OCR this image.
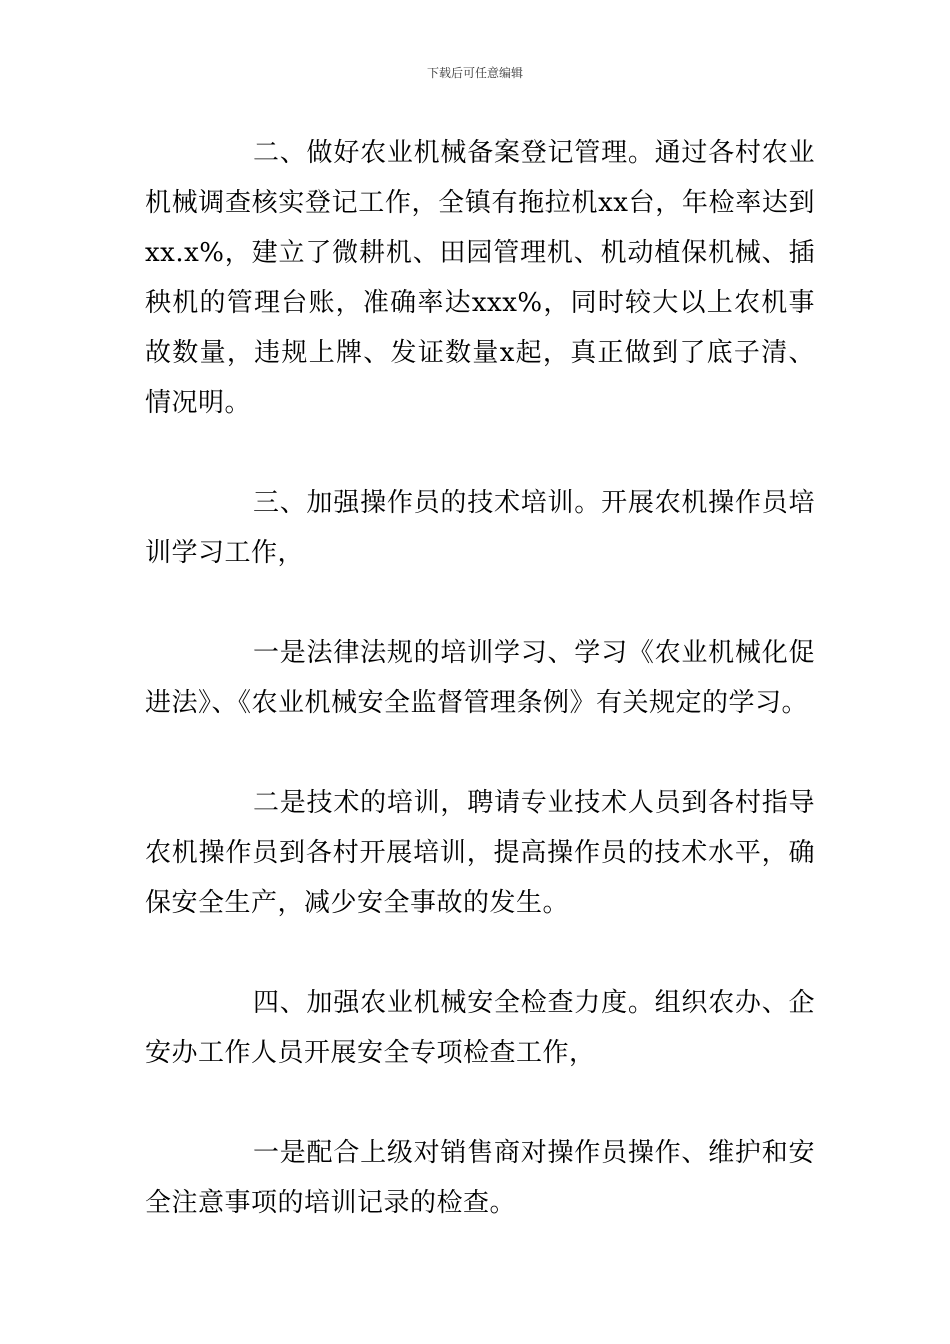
下载后可任意编辑

二、做好农业机械备案登记管理。通过各村农业机械调查核实登记工作，全镇有拖拉机xx台，年检率达到xx.x%，建立了微耕机、田园管理机、机动植保机械、插秧机的管理台账，准确率达xxx%，同时较大以上农机事故数量，违规上牌、发证数量x起，真正做到了底子清、情况明。

三、加强操作员的技术培训。开展农机操作员培训学习工作，

一是法律法规的培训学习、学习《农业机械化促进法》、《农业机械安全监督管理条例》有关规定的学习。

二是技术的培训，聘请专业技术人员到各村指导农机操作员到各村开展培训，提高操作员的技术水平，确保安全生产，减少安全事故的发生。

四、加强农业机械安全检查力度。组织农办、企安办工作人员开展安全专项检查工作，

一是配合上级对销售商对操作员操作、维护和安全注意事项的培训记录的检查。
